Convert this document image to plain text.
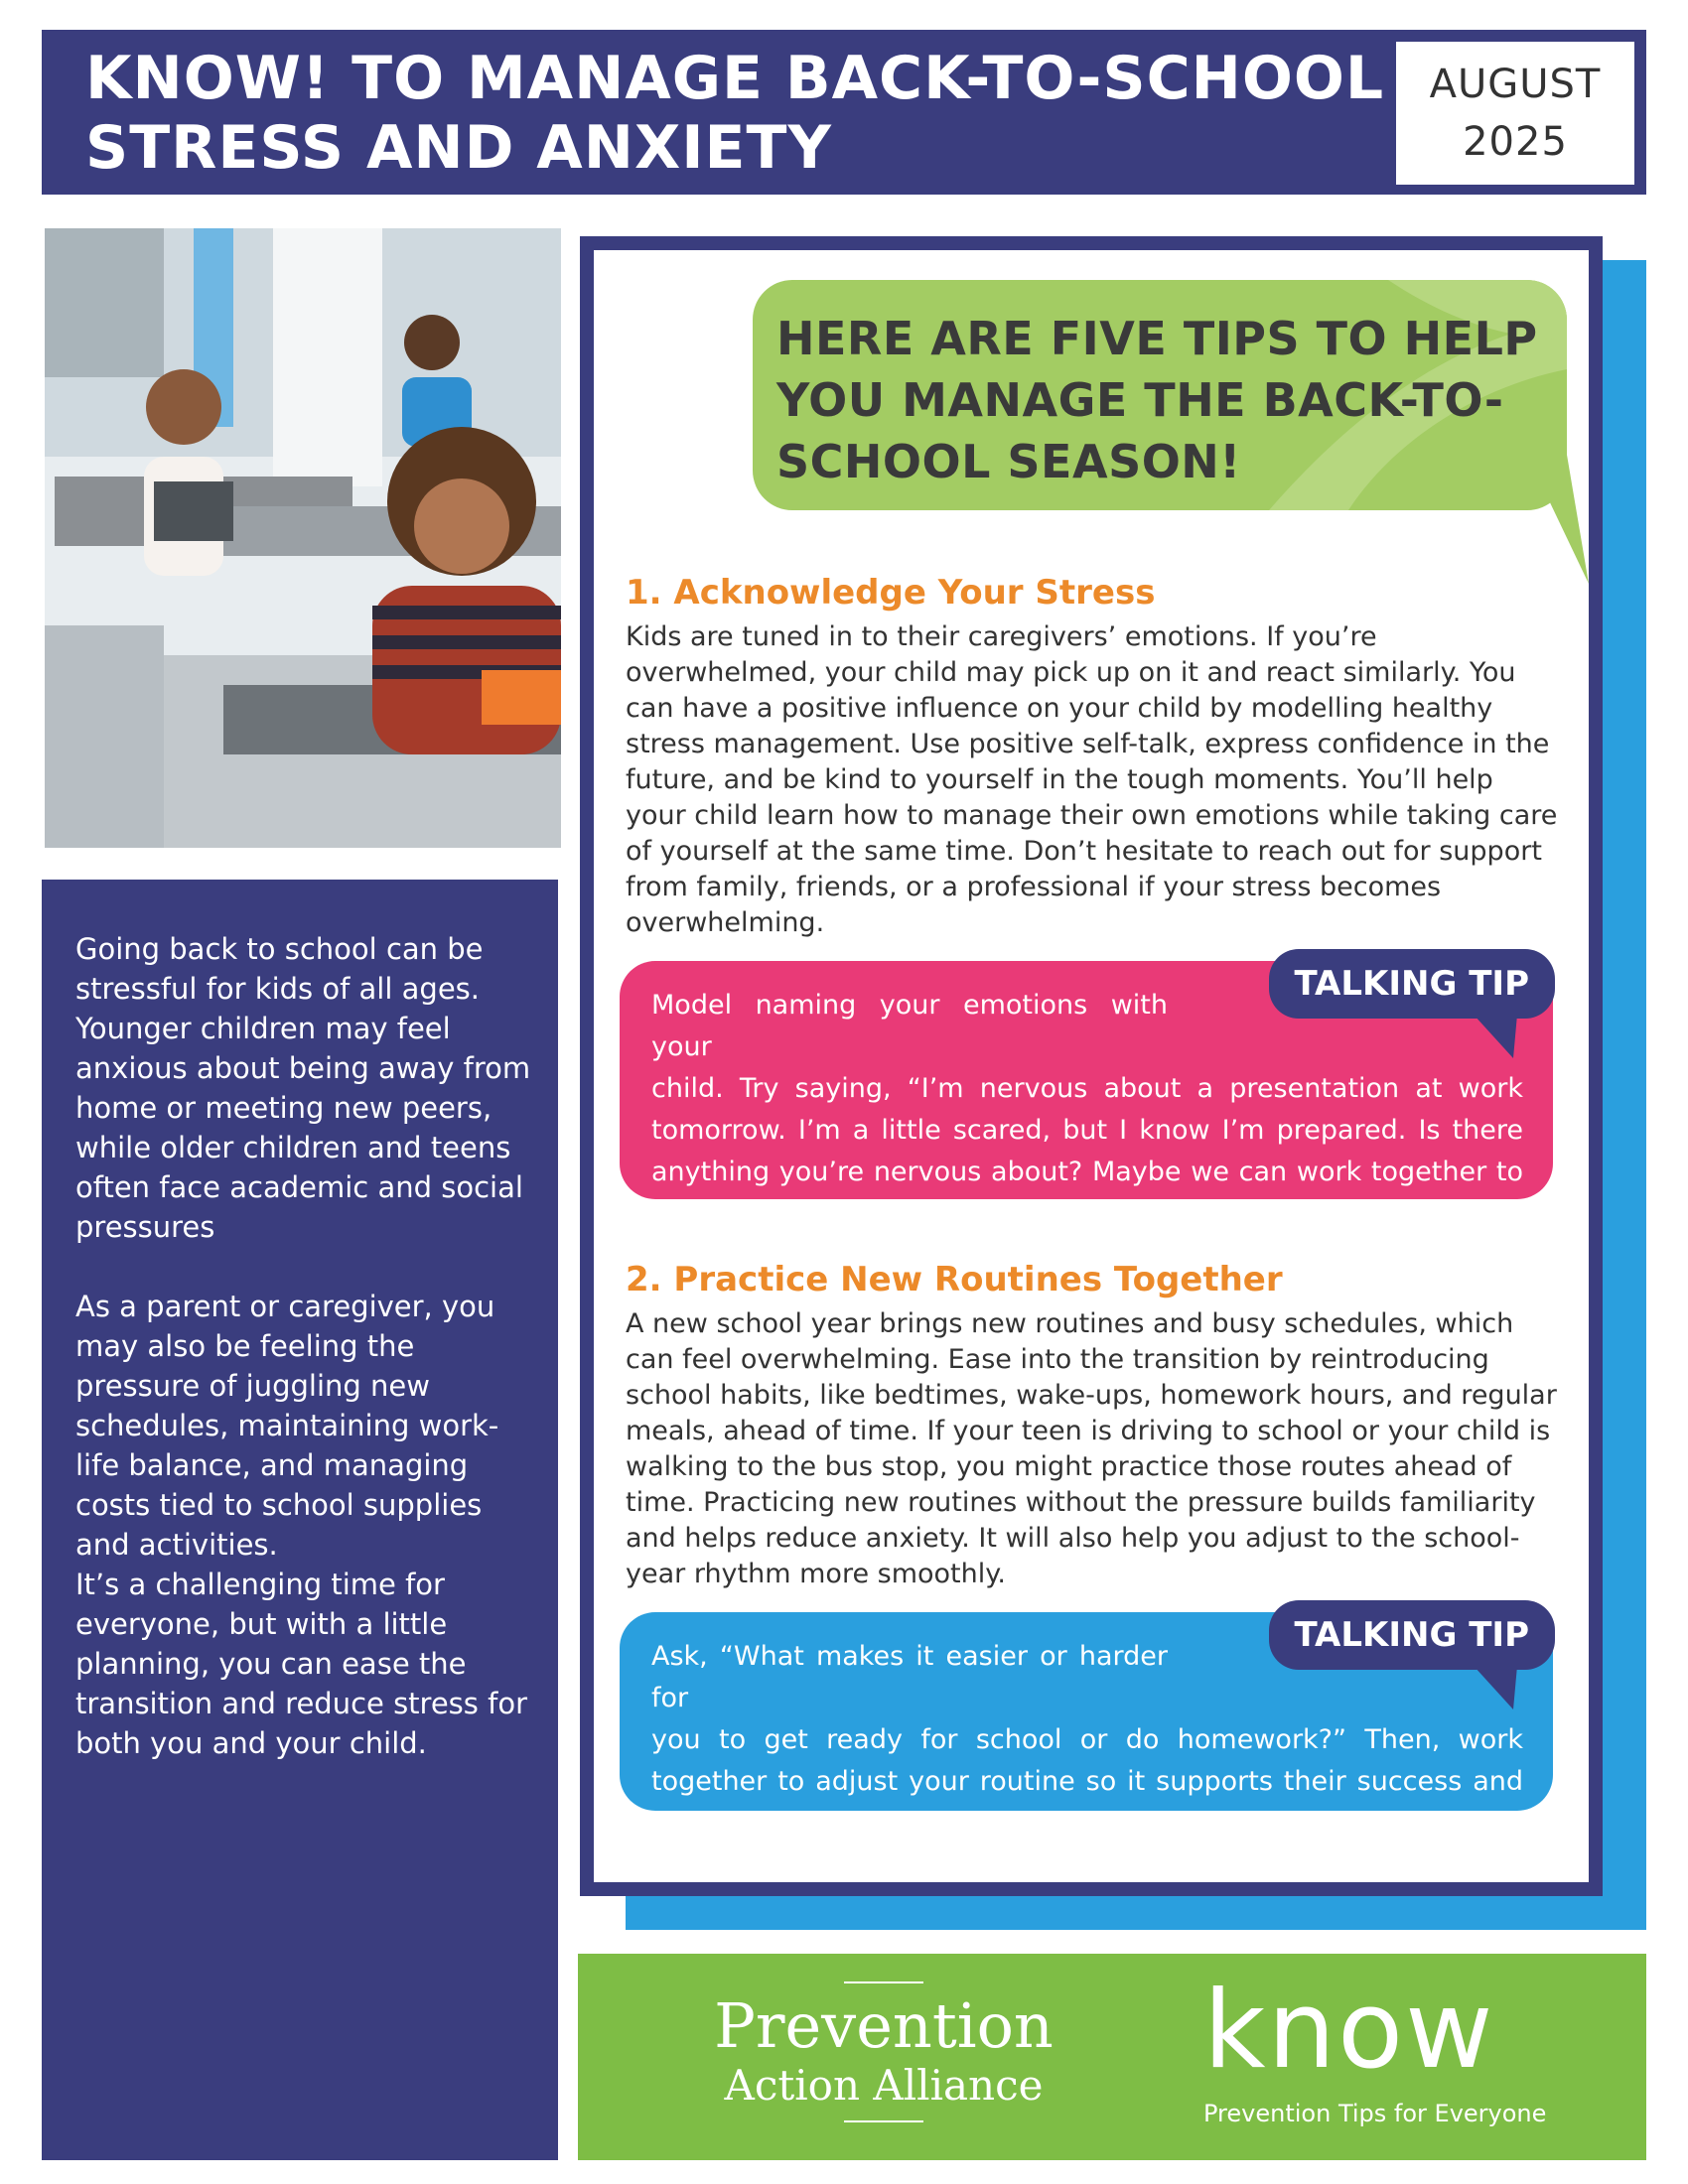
KNOW! TO MANAGE BACK-TO-SCHOOL
STRESS AND ANXIETY
AUGUST
2025

Going back to school can be stressful for kids of all ages. Younger children may feel anxious about being away from home or meeting new peers, while older children and teens often face academic and social pressures

As a parent or caregiver, you may also be feeling the pressure of juggling new schedules, maintaining work-life balance, and managing costs tied to school supplies and activities.

It’s a challenging time for everyone, but with a little planning, you can ease the transition and reduce stress for both you and your child.

HERE ARE FIVE TIPS TO HELP YOU MANAGE THE BACK-TO-SCHOOL SEASON!
1. Acknowledge Your Stress
Kids are tuned in to their caregivers’ emotions. If you’re overwhelmed, your child may pick up on it and react similarly. You can have a positive influence on your child by modelling healthy stress management. Use positive self-talk, express confidence in the future, and be kind to yourself in the tough moments. You’ll help your child learn how to manage their own emotions while taking care of yourself at the same time. Don’t hesitate to reach out for support from family, friends, or a professional if your stress becomes overwhelming.
Model naming your emotions with your
child. Try saying, “I’m nervous about a presentation at work tomorrow. I’m a little scared, but I know I’m prepared. Is there anything you’re nervous about? Maybe we can work together to help you feel more confident.”
TALKING TIP
2. Practice New Routines Together
A new school year brings new routines and busy schedules, which can feel overwhelming. Ease into the transition by reintroducing school habits, like bedtimes, wake-ups, homework hours, and regular meals, ahead of time. If your teen is driving to school or your child is walking to the bus stop, you might practice those routes ahead of time. Practicing new routines without the pressure builds familiarity and helps reduce anxiety. It will also help you adjust to the school-year rhythm more smoothly.
Ask, “What makes it easier or harder for
you to get ready for school or do homework?” Then, work together to adjust your routine so it supports their success and reduces stress.
TALKING TIP
Prevention
Action Alliance	know
Prevention Tips for Everyone
